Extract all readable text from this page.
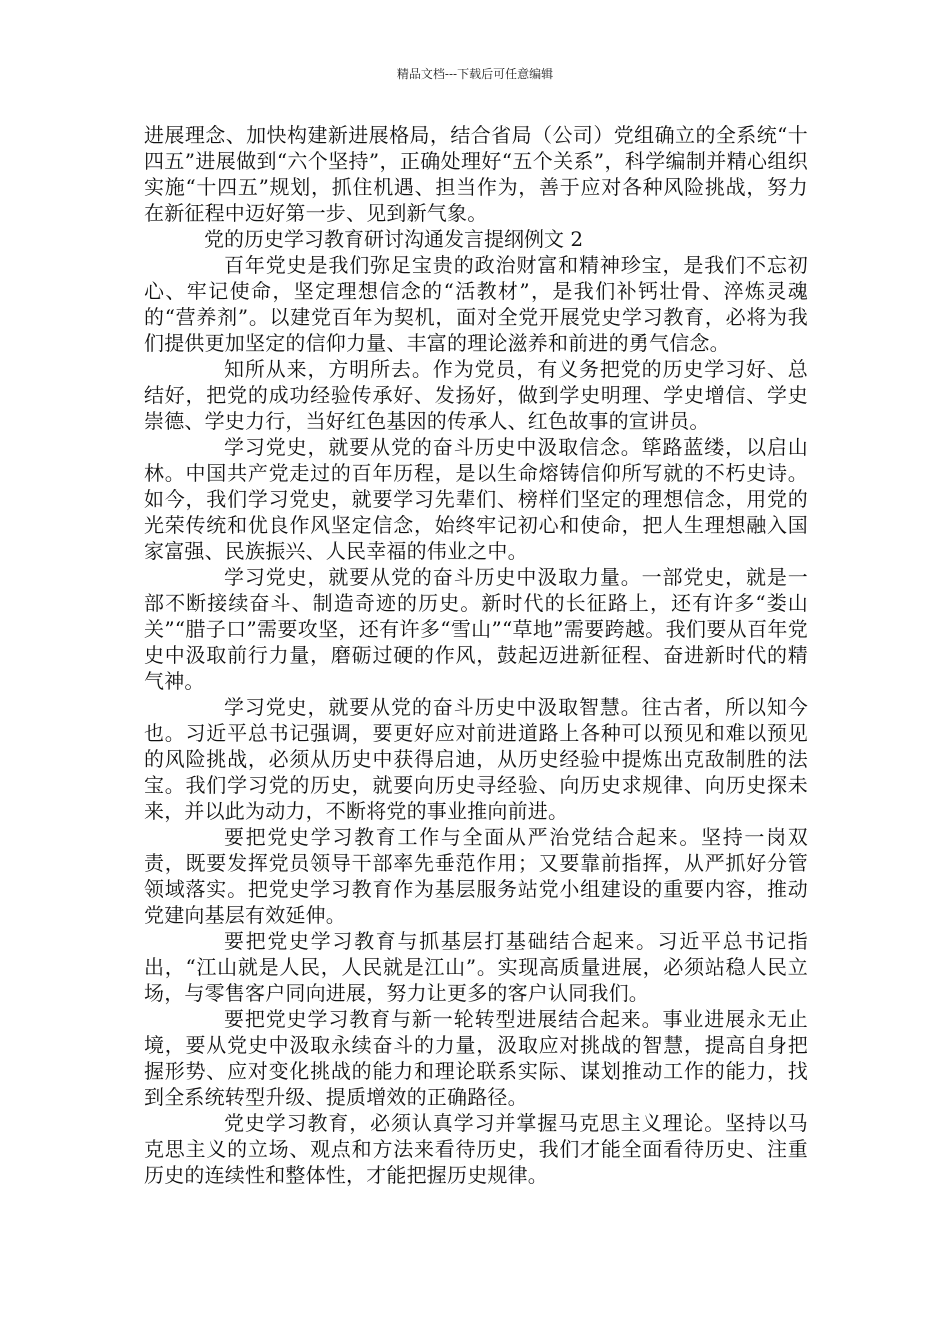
精品文档---下载后可任意编辑

进展理念、加快构建新进展格局，结合省局（公司）党组确立的全系统“十四五”进展做到“六个坚持”，正确处理好“五个关系”，科学编制并精心组织实施“十四五”规划，抓住机遇、担当作为，善于应对各种风险挑战，努力在新征程中迈好第一步、见到新气象。

党的历史学习教育研讨沟通发言提纲例文 2

百年党史是我们弥足宝贵的政治财富和精神珍宝，是我们不忘初心、牢记使命，坚定理想信念的“活教材”，是我们补钙壮骨、淬炼灵魂的“营养剂”。以建党百年为契机，面对全党开展党史学习教育，必将为我们提供更加坚定的信仰力量、丰富的理论滋养和前进的勇气信念。

知所从来，方明所去。作为党员，有义务把党的历史学习好、总结好，把党的成功经验传承好、发扬好，做到学史明理、学史增信、学史崇德、学史力行，当好红色基因的传承人、红色故事的宣讲员。

学习党史，就要从党的奋斗历史中汲取信念。筚路蓝缕，以启山林。中国共产党走过的百年历程，是以生命熔铸信仰所写就的不朽史诗。如今，我们学习党史，就要学习先辈们、榜样们坚定的理想信念，用党的光荣传统和优良作风坚定信念，始终牢记初心和使命，把人生理想融入国家富强、民族振兴、人民幸福的伟业之中。

学习党史，就要从党的奋斗历史中汲取力量。一部党史，就是一部不断接续奋斗、制造奇迹的历史。新时代的长征路上，还有许多“娄山关”“腊子口”需要攻坚，还有许多“雪山”“草地”需要跨越。我们要从百年党史中汲取前行力量，磨砺过硬的作风，鼓起迈进新征程、奋进新时代的精气神。

学习党史，就要从党的奋斗历史中汲取智慧。往古者，所以知今也。习近平总书记强调，要更好应对前进道路上各种可以预见和难以预见的风险挑战，必须从历史中获得启迪，从历史经验中提炼出克敌制胜的法宝。我们学习党的历史，就要向历史寻经验、向历史求规律、向历史探未来，并以此为动力，不断将党的事业推向前进。

要把党史学习教育工作与全面从严治党结合起来。坚持一岗双责，既要发挥党员领导干部率先垂范作用；又要靠前指挥，从严抓好分管领域落实。把党史学习教育作为基层服务站党小组建设的重要内容，推动党建向基层有效延伸。

要把党史学习教育与抓基层打基础结合起来。习近平总书记指出，“江山就是人民，人民就是江山”。实现高质量进展，必须站稳人民立场，与零售客户同向进展，努力让更多的客户认同我们。

要把党史学习教育与新一轮转型进展结合起来。事业进展永无止境，要从党史中汲取永续奋斗的力量，汲取应对挑战的智慧，提高自身把握形势、应对变化挑战的能力和理论联系实际、谋划推动工作的能力，找到全系统转型升级、提质增效的正确路径。

党史学习教育，必须认真学习并掌握马克思主义理论。坚持以马克思主义的立场、观点和方法来看待历史，我们才能全面看待历史、注重历史的连续性和整体性，才能把握历史规律。
